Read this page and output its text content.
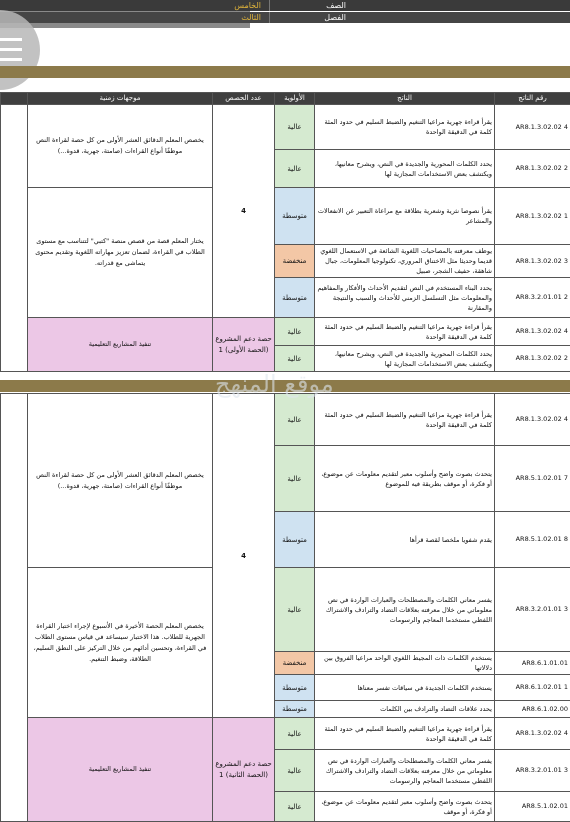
الصف
الخامس
الفصل
الثالث
رقم الناتج	الناتج	الأولوية	عدد الحصص	موجهات زمنية	
AR8.1.3.02.02 4	يقرأ قراءة جهرية مراعيا التنغيم والضبط السليم في حدود المئة كلمة في الدقيقة الواحدة	عالية	4	يخصص المعلم الدقائق العشر الأولى من كل حصة لقراءة النص موظفًا أنواع القراءات (صامتة، جهرية، قدوة...)	
AR8.1.3.02.02 2	يحدد الكلمات المحورية والجديدة في النص، ويشرح معانيها، ويكتشف بعض الاستخدامات المجازية لها	عالية			
AR8.1.3.02.02 1	يقرأ نصوصا نثرية وشعرية بطلاقة مع مراعاة التعبير عن الانفعالات والمشاعر	متوسطة		يختار المعلم قصة من قصص منصة "كتبي" لتتناسب مع مستوى الطلاب في القراءة، لضمان تعزيز مهاراته اللغوية وتقديم محتوى يتماشى مع قدراته.	
AR8.1.3.02.02 3	يوظف معرفته بالمصاحبات اللغوية الشائعة في الاستعمال اللغوي قديما وحديثا مثل الاختناق المروري، تكنولوجيا المعلومات، جبال شاهقة، حفيف الشجر، صبيل	منخفضة			
AR8.3.2.01.01 2	يحدد البناء المستخدم في النص لتقديم الأحداث والأفكار والمفاهيم والمعلومات مثل التسلسل الزمني للأحداث والسبب والنتيجة والمقارنة	متوسطة			
AR8.1.3.02.02 4	يقرأ قراءة جهرية مراعيا التنغيم والضبط السليم في حدود المئة كلمة في الدقيقة الواحدة	عالية	حصة دعم المشروع (الحصة الأولى) 1	تنفيذ المشاريع التعليمية	
AR8.1.3.02.02 2	يحدد الكلمات المحورية والجديدة في النص، ويشرح معانيها، ويكتشف بعض الاستخدامات المجازية لها	عالية			
AR8.1.3.02.02 4	يقرأ قراءة جهرية مراعيا التنغيم والضبط السليم في حدود المئة كلمة في الدقيقة الواحدة	عالية	4	يخصص المعلم الدقائق العشر الأولى من كل حصة لقراءة النص موظفًا أنواع القراءات (صامتة، جهرية، قدوة...)	
AR8.5.1.02.01 7	يتحدث بصوت واضح وأسلوب معبر لتقديم معلومات عن موضوع، أو فكرة، أو موقف بطريقة فيه للموضوع	عالية			
AR8.5.1.02.01 8	يقدم شفويا ملخصا لقصة قرأها	متوسطة			
AR8.3.2.01.01 3	يفسر معاني الكلمات والمصطلحات والعبارات الواردة في نص معلوماتي من خلال معرفته بعلاقات التضاد والترادف والاشتراك اللفظي مستخدما المعاجم والرسومات	عالية		يخصص المعلم الحصة الأخيرة في الأسبوع لإجراء اختبار القراءة الجهرية للطلاب. هذا الاختبار سيساعد في قياس مستوى الطلاب في القراءة، وتحسين أدائهم من خلال التركيز على النطق السليم، الطلاقة، وضبط التنغيم.	
AR8.6.1.01.01	يستخدم الكلمات ذات المجيط اللغوي الواحد مراعيا الفروق بين دلالاتها	منخفضة			
AR8.6.1.02.01 1	يستخدم الكلمات الجديدة في سياقات تفسر معناها	متوسطة			
AR8.6.1.02.00	يحدد علاقات التضاد والترادف بين الكلمات	متوسطة			
AR8.1.3.02.02 4	يقرأ قراءة جهرية مراعيا التنغيم والضبط السليم في حدود المئة كلمة في الدقيقة الواحدة	عالية	حصة دعم المشروع (الحصة الثانية) 1	تنفيذ المشاريع التعليمية	
AR8.3.2.01.01 3	يفسر معاني الكلمات والمصطلحات والعبارات الواردة في نص معلوماتي من خلال معرفته بعلاقات التضاد والترادف والاشتراك اللفظي مستخدما المعاجم والرسومات	عالية			
AR8.5.1.02.01	يتحدث بصوت واضح وأسلوب معبر لتقديم معلومات عن موضوع، أو فكرة، أو موقف	عالية			
موقع المنهج
